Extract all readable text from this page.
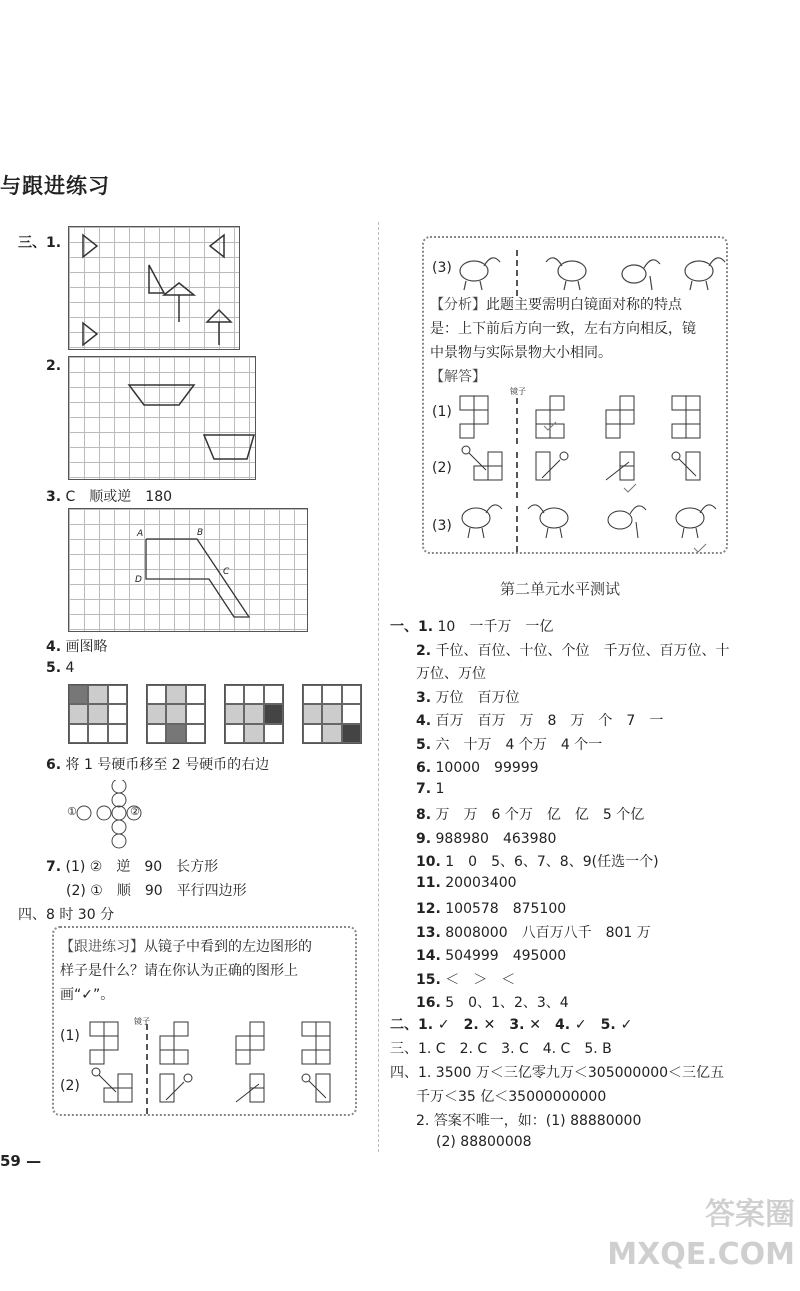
与跟进练习
三、1.
2.
3. C　顺或逆　180
A	B
C
D
4. 画图略
5. 4
6. 将 1 号硬币移至 2 号硬币的右边
①	②
7. (1) ②　逆　90　长方形
(2) ①　顺　90　平行四边形
四、8 时 30 分
【跟进练习】从镜子中看到的左边图形的
样子是什么？请在你认为正确的图形上
画“✓”。
镜子
(1)
(2)
59 —
(3)
【分析】此题主要需明白镜面对称的特点
是：上下前后方向一致，左右方向相反，镜
中景物与实际景物大小相同。
【解答】
镜子
(1)
(2)
(3)
第二单元水平测试
一、1. 10　一千万　一亿
2. 千位、百位、十位、个位　千万位、百万位、十
万位、万位
3. 万位　百万位
4. 百万　百万　万　8　万　个　7　一
5. 六　十万　4 个万　4 个一
6. 10000　99999
7. 1
8. 万　万　6 个万　亿　亿　5 个亿
9. 988980　463980
10. 1　0　5、6、7、8、9(任选一个)
11. 20003400
12. 100578　875100
13. 8008000　八百万八千　801 万
14. 504999　495000
15. ＜　＞　＜
16. 5　0、1、2、3、4
二、1. ✓　2. ✕　3. ✕　4. ✓　5. ✓
三、1. C　2. C　3. C　4. C　5. B
四、1. 3500 万＜三亿零九万＜305000000＜三亿五
千万＜35 亿＜35000000000
2. 答案不唯一，如：(1) 88880000
(2) 88800008
答案圈
MXQE.COM
